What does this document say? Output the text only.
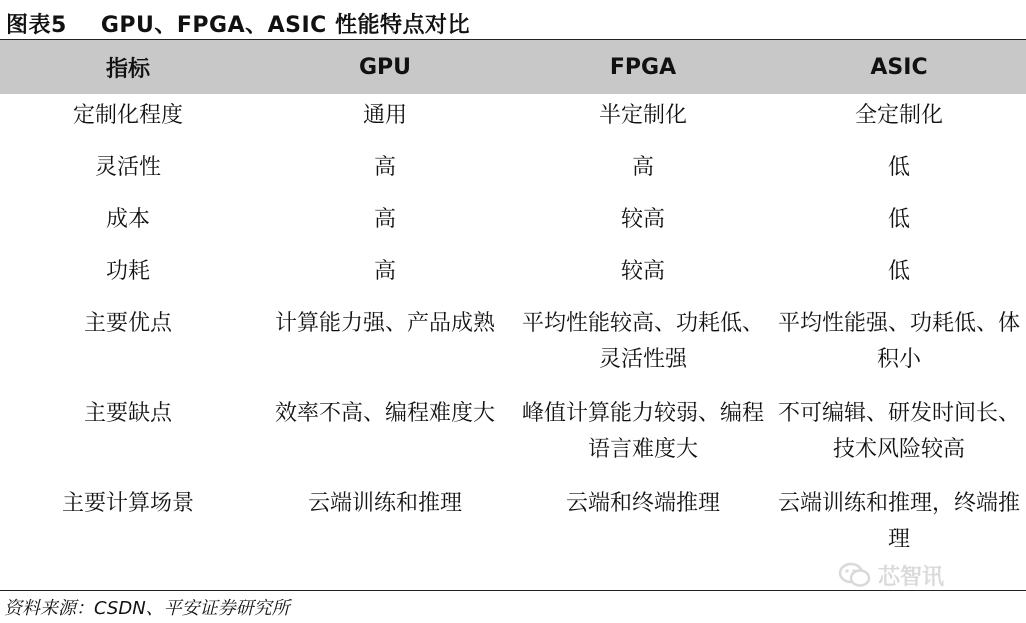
图表5 GPU、FPGA、ASIC 性能特点对比
指标	GPU	FPGA	ASIC
定制化程度	通用	半定制化	全定制化
灵活性	高	高	低
成本	高	较高	低
功耗	高	较高	低
主要优点	计算能力强、产品成熟	平均性能较高、功耗低、灵活性强	平均性能强、功耗低、体积小
主要缺点	效率不高、编程难度大	峰值计算能力较弱、编程语言难度大	不可编辑、研发时间长、技术风险较高
主要计算场景	云端训练和推理	云端和终端推理	云端训练和推理，终端推理
芯智讯
资料来源：CSDN、平安证券研究所
